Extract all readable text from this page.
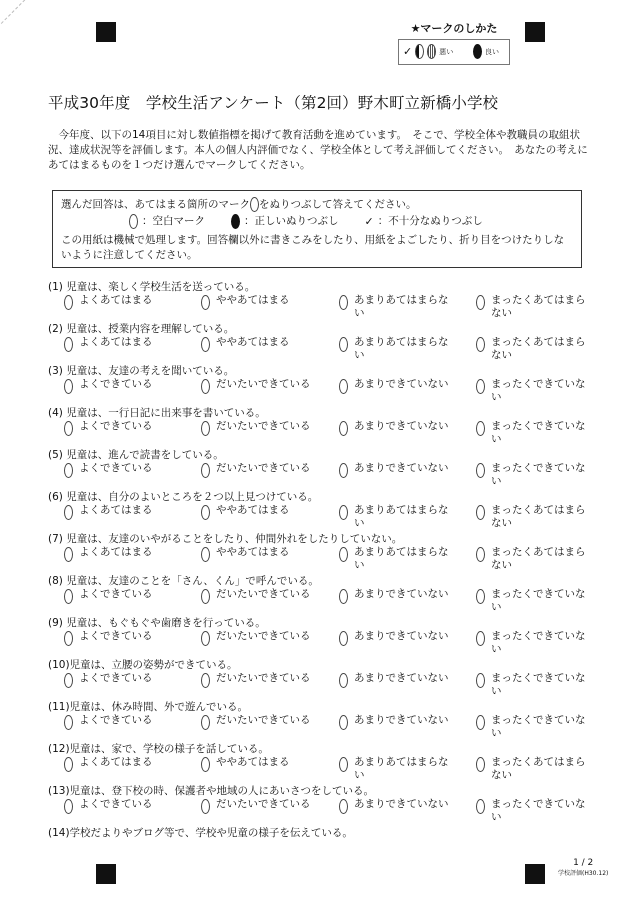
★マークのしかた
✓	悪い	良い
平成30年度　学校生活アンケート（第2回）野木町立新橋小学校
　今年度、以下の14項目に対し数値指標を掲げて教育活動を進めています。　そこで、学校全体や教職員の取組状況、達成状況等を評価します。本人の個人内評価でなく、学校全体として考え評価してください。　あなたの考えにあてはまるものを１つだけ選んでマークしてください。
選んだ回答は、あてはまる箇所のマーク をぬりつぶして答えてください。
：空白マーク	：正しいぬりつぶし ✓ ：不十分なぬりつぶし
この用紙は機械で処理します。回答欄以外に書きこみをしたり、用紙をよごしたり、折り目をつけたりしないように注意してください。
(1) 児童は、楽しく学校生活を送っている。
よくあてはまる	ややあてはまる	あまりあてはまらない
まったくあてはまらない
(2) 児童は、授業内容を理解している。
よくあてはまる	ややあてはまる	あまりあてはまらない
まったくあてはまらない
(3) 児童は、友達の考えを聞いている。
よくできている	だいたいできている	あまりできていない	まったくできていない
(4) 児童は、一行日記に出来事を書いている。
よくできている	だいたいできている	あまりできていない	まったくできていない
(5) 児童は、進んで読書をしている。
よくできている	だいたいできている	あまりできていない	まったくできていない
(6) 児童は、自分のよいところを２つ以上見つけている。
よくあてはまる	ややあてはまる	あまりあてはまらない
まったくあてはまらない
(7) 児童は、友達のいやがることをしたり、仲間外れをしたりしていない。
よくあてはまる	ややあてはまる	あまりあてはまらない
まったくあてはまらない
(8) 児童は、友達のことを「さん、くん」で呼んでいる。
よくできている	だいたいできている	あまりできていない	まったくできていない
(9) 児童は、もぐもぐや歯磨きを行っている。
よくできている	だいたいできている	あまりできていない	まったくできていない
(10)児童は、立腰の姿勢ができている。
よくできている	だいたいできている	あまりできていない	まったくできていない
(11)児童は、休み時間、外で遊んでいる。
よくできている	だいたいできている	あまりできていない	まったくできていない
(12)児童は、家で、学校の様子を話している。
よくあてはまる	ややあてはまる	あまりあてはまらない
まったくあてはまらない
(13)児童は、登下校の時、保護者や地域の人にあいさつをしている。
よくできている	だいたいできている	あまりできていない	まったくできていない
(14)学校だよりやブログ等で、学校や児童の様子を伝えている。
1 / 2
学校評価(H30.12)
